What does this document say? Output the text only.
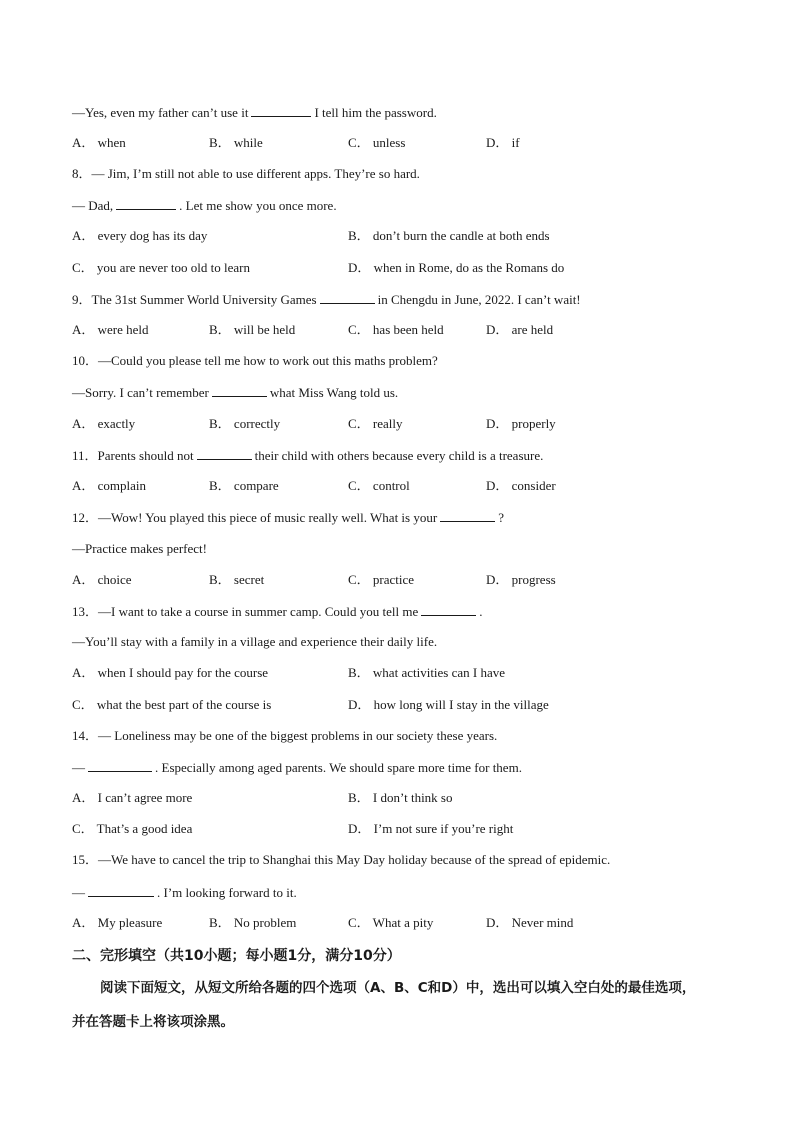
—Yes, even my father can’t use it	I tell him the password.
A． when	B． while	C． unless	D． if
8．— Jim, I’m still not able to use different apps. They’re so hard.
— Dad,	. Let me show you once more.
A． every dog has its day	B． don’t burn the candle at both ends
C． you are never too old to learn	D． when in Rome, do as the Romans do
9．The 31st Summer World University Games	in Chengdu in June, 2022. I can’t wait!
A． were held	B． will be held	C． has been held	D． are held
10．—Could you please tell me how to work out this maths problem?
—Sorry. I can’t remember	what Miss Wang told us.
A． exactly	B． correctly	C． really	D． properly
11．Parents should not	their child with others because every child is a treasure.
A． complain	B． compare	C． control	D． consider
12．—Wow! You played this piece of music really well. What is your	?
—Practice makes perfect!
A． choice	B． secret	C． practice	D． progress
13．—I want to take a course in summer camp. Could you tell me	.
—You’ll stay with a family in a village and experience their daily life.
A． when I should pay for the course	B． what activities can I have
C． what the best part of the course is	D． how long will I stay in the village
14．— Loneliness may be one of the biggest problems in our society these years.
—	. Especially among aged parents. We should spare more time for them.
A． I can’t agree more	B． I don’t think so
C． That’s a good idea	D． I’m not sure if you’re right
15．—We have to cancel the trip to Shanghai this May Day holiday because of the spread of epidemic.
—	. I’m looking forward to it.
A． My pleasure	B． No problem	C． What a pity	D． Never mind
二、完形填空（共10小题；每小题1分，满分10分）
阅读下面短文，从短文所给各题的四个选项（A、B、C和D）中，选出可以填入空白处的最佳选项，
并在答题卡上将该项涂黑。
